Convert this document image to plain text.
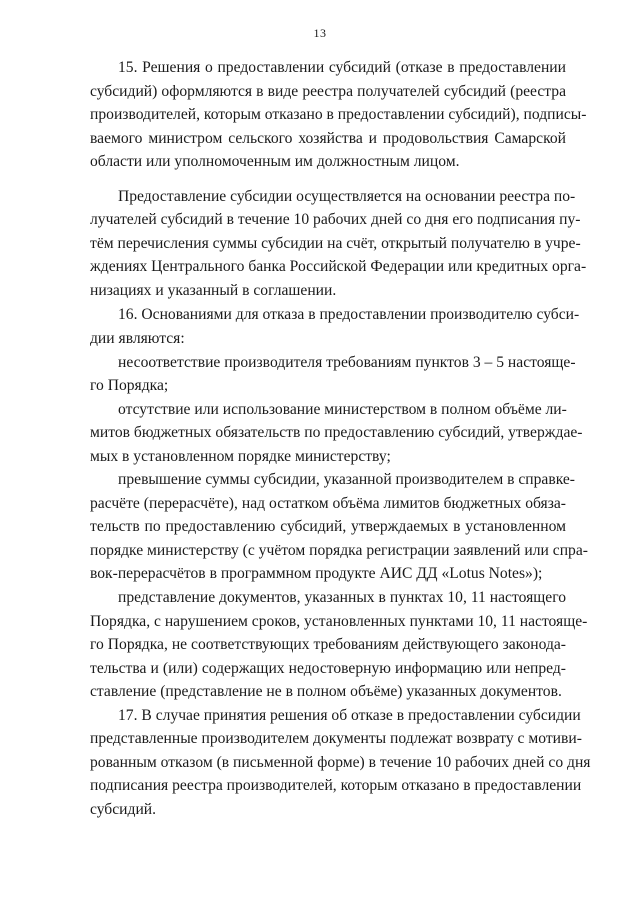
13

15. Решения о предоставлении субсидий (отказе в предоставлении
субсидий) оформляются в виде реестра получателей субсидий (реестра
производителей, которым отказано в предоставлении субсидий), подписы-
ваемого министром сельского хозяйства и продовольствия Самарской
области или уполномоченным им должностным лицом.

Предоставление субсидии осуществляется на основании реестра по-
лучателей субсидий в течение 10 рабочих дней со дня его подписания пу-
тём перечисления суммы субсидии на счёт, открытый получателю в учре-
ждениях Центрального банка Российской Федерации или кредитных орга-
низациях и указанный в соглашении.

16. Основаниями для отказа в предоставлении производителю субси-
дии являются:

несоответствие производителя требованиям пунктов 3 – 5 настояще-
го Порядка;

отсутствие или использование министерством в полном объёме ли-
митов бюджетных обязательств по предоставлению субсидий, утверждае-
мых в установленном порядке министерству;

превышение суммы субсидии, указанной производителем в справке-
расчёте (перерасчёте), над остатком объёма лимитов бюджетных обяза-
тельств по предоставлению субсидий, утверждаемых в установленном
порядке министерству (с учётом порядка регистрации заявлений или спра-
вок-перерасчётов в программном продукте АИС ДД «Lotus Notes»);

представление документов, указанных в пунктах 10, 11 настоящего
Порядка, с нарушением сроков, установленных пунктами 10, 11 настояще-
го Порядка, не соответствующих требованиям действующего законода-
тельства и (или) содержащих недостоверную информацию или непред-
ставление (представление не в полном объёме) указанных документов.

17. В случае принятия решения об отказе в предоставлении субсидии
представленные производителем документы подлежат возврату с мотиви-
рованным отказом (в письменной форме) в течение 10 рабочих дней со дня
подписания реестра производителей, которым отказано в предоставлении
субсидий.
